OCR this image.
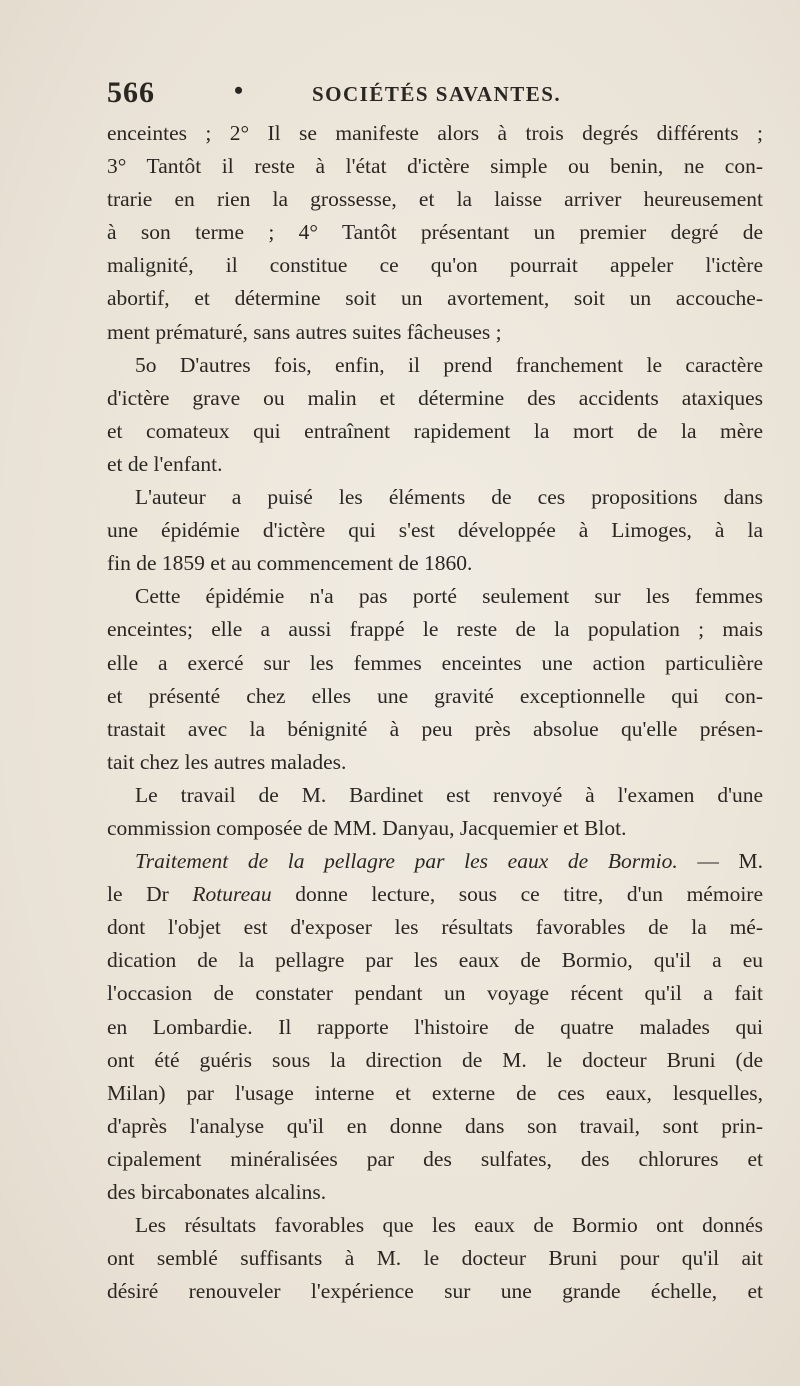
566	•	SOCIÉTÉS SAVANTES.
enceintes ; 2° Il se manifeste alors à trois degrés différents ;
3° Tantôt il reste à l'état d'ictère simple ou benin, ne con-
trarie en rien la grossesse, et la laisse arriver heureusement
à son terme ; 4° Tantôt présentant un premier degré de
malignité, il constitue ce qu'on pourrait appeler l'ictère
abortif, et détermine soit un avortement, soit un accouche-
ment prématuré, sans autres suites fâcheuses ;
5o D'autres fois, enfin, il prend franchement le caractère
d'ictère grave ou malin et détermine des accidents ataxiques
et comateux qui entraînent rapidement la mort de la mère
et de l'enfant.
L'auteur a puisé les éléments de ces propositions dans
une épidémie d'ictère qui s'est développée à Limoges, à la
fin de 1859 et au commencement de 1860.
Cette épidémie n'a pas porté seulement sur les femmes
enceintes; elle a aussi frappé le reste de la population ; mais
elle a exercé sur les femmes enceintes une action particulière
et présenté chez elles une gravité exceptionnelle qui con-
trastait avec la bénignité à peu près absolue qu'elle présen-
tait chez les autres malades.
Le travail de M. Bardinet est renvoyé à l'examen d'une
commission composée de MM. Danyau, Jacquemier et Blot.
Traitement de la pellagre par les eaux de Bormio. — M.
le Dr Rotureau donne lecture, sous ce titre, d'un mémoire
dont l'objet est d'exposer les résultats favorables de la mé-
dication de la pellagre par les eaux de Bormio, qu'il a eu
l'occasion de constater pendant un voyage récent qu'il a fait
en Lombardie. Il rapporte l'histoire de quatre malades qui
ont été guéris sous la direction de M. le docteur Bruni (de
Milan) par l'usage interne et externe de ces eaux, lesquelles,
d'après l'analyse qu'il en donne dans son travail, sont prin-
cipalement minéralisées par des sulfates, des chlorures et
des bircabonates alcalins.
Les résultats favorables que les eaux de Bormio ont donnés
ont semblé suffisants à M. le docteur Bruni pour qu'il ait
désiré renouveler l'expérience sur une grande échelle, et
